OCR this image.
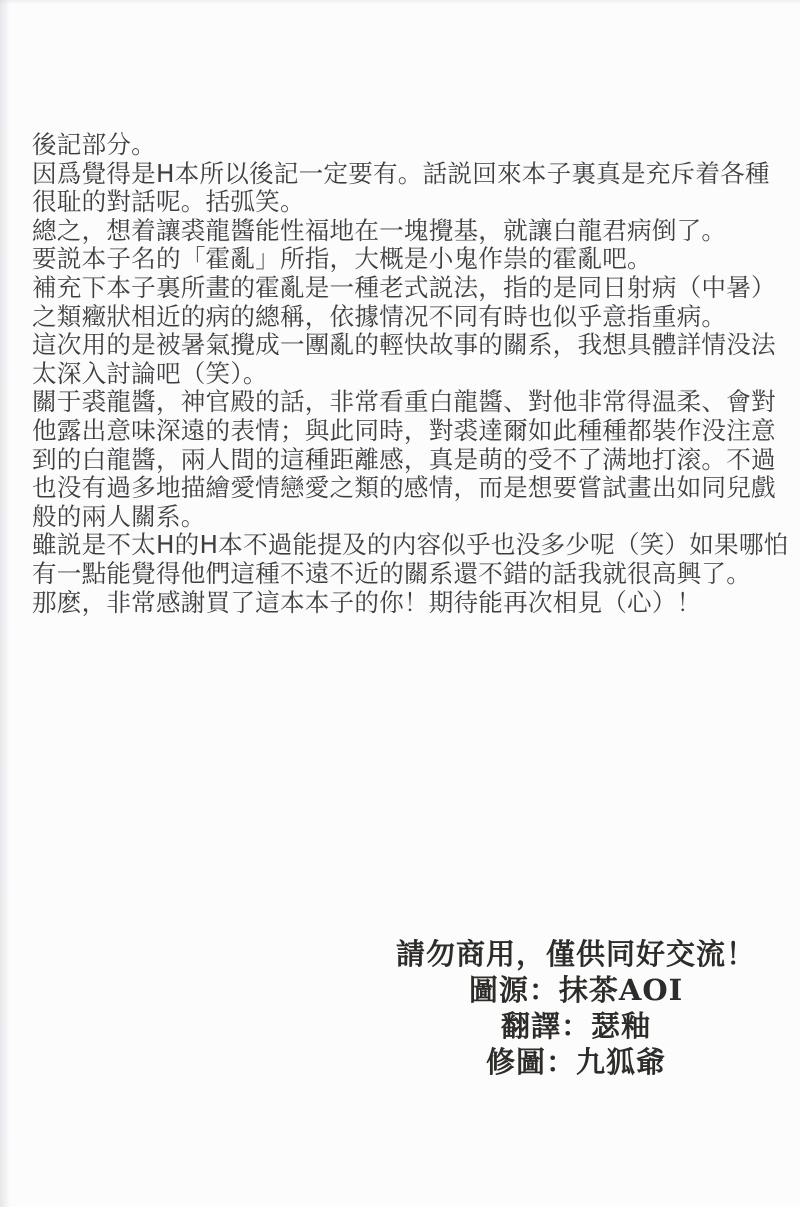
後記部分。

因爲覺得是H本所以後記一定要有。話説回來本子裏真是充斥着各種

很耻的對話呢。括弧笑。

總之，想着讓裘龍醬能性福地在一塊攪基，就讓白龍君病倒了。

要説本子名的「霍亂」所指，大概是小鬼作祟的霍亂吧。

補充下本子裏所畫的霍亂是一種老式説法，指的是同日射病（中暑）

之類癥狀相近的病的總稱，依據情况不同有時也似乎意指重病。

這次用的是被暑氣攪成一團亂的輕快故事的關系，我想具體詳情没法

太深入討論吧（笑）。

關于裘龍醬，神官殿的話，非常看重白龍醬、對他非常得温柔、會對

他露出意味深遠的表情；與此同時，對裘達爾如此種種都裝作没注意

到的白龍醬，兩人間的這種距離感，真是萌的受不了满地打滚。不過

也没有過多地描繪愛情戀愛之類的感情，而是想要嘗試畫出如同兒戲

般的兩人關系。

雖説是不太H的H本不過能提及的内容似乎也没多少呢（笑）如果哪怕

有一點能覺得他們這種不遠不近的關系還不錯的話我就很高興了。

那麽，非常感謝買了這本本子的你！期待能再次相見（心）！

請勿商用，僅供同好交流！

圖源：抹茶AOI

翻譯：瑟釉

修圖：九狐爺
